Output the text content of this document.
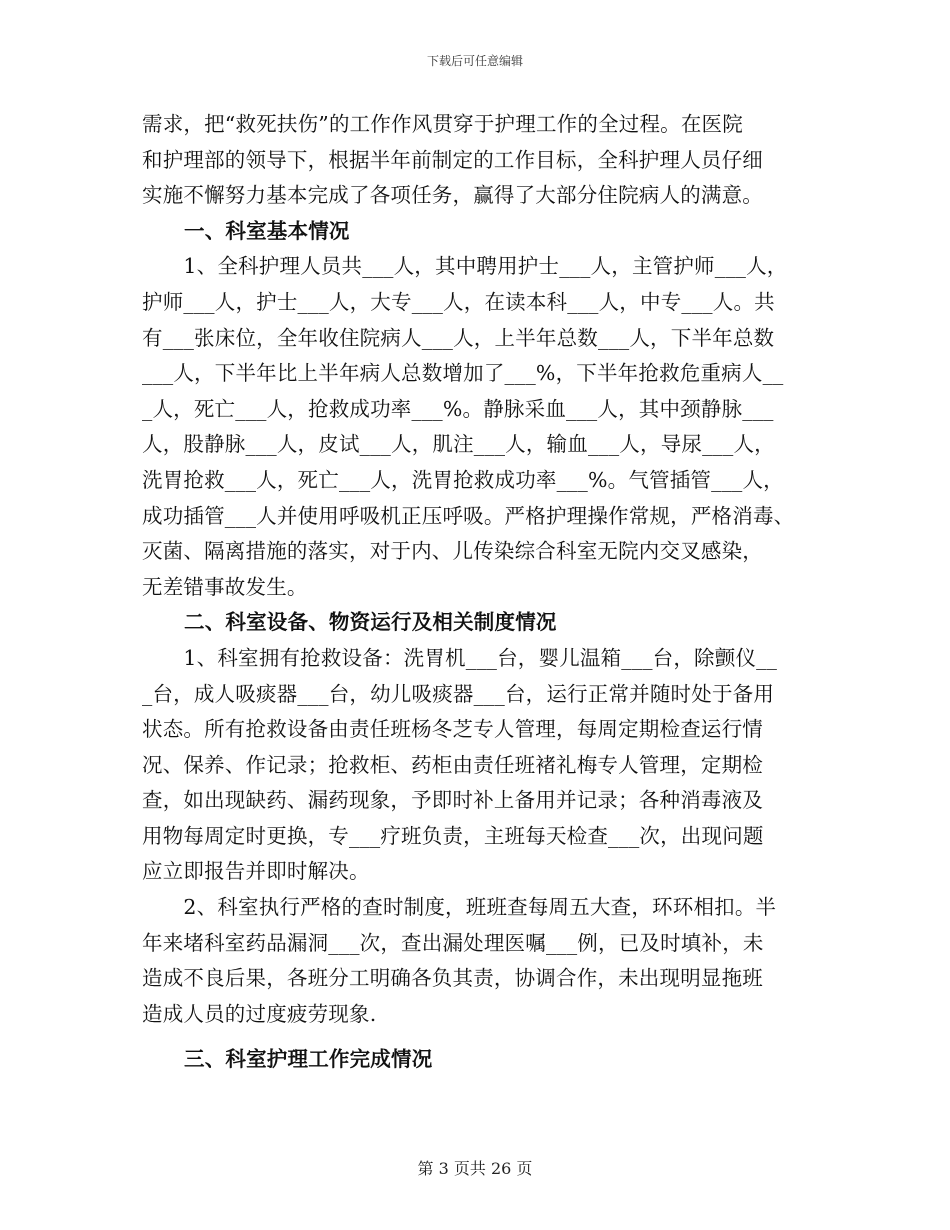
下载后可任意编辑
需求，把“救死扶伤”的工作作风贯穿于护理工作的全过程。在医院
和护理部的领导下，根据半年前制定的工作目标，全科护理人员仔细
实施不懈努力基本完成了各项任务，赢得了大部分住院病人的满意。
一、科室基本情况
　　1、全科护理人员共___人，其中聘用护士___人，主管护师___人，
护师___人，护士___人，大专___人，在读本科___人，中专___人。共
有___张床位，全年收住院病人___人，上半年总数___人，下半年总数
___人，下半年比上半年病人总数增加了___%，下半年抢救危重病人__
_人，死亡___人，抢救成功率___%。静脉采血___人，其中颈静脉___
人，股静脉___人，皮试___人，肌注___人，输血___人，导尿___人，
洗胃抢救___人，死亡___人，洗胃抢救成功率___%。气管插管___人，
成功插管___人并使用呼吸机正压呼吸。严格护理操作常规，严格消毒、
灭菌、隔离措施的落实，对于内、儿传染综合科室无院内交叉感染，
无差错事故发生。
二、科室设备、物资运行及相关制度情况
　　1、科室拥有抢救设备：洗胃机___台，婴儿温箱___台，除颤仪__
_台，成人吸痰器___台，幼儿吸痰器___台，运行正常并随时处于备用
状态。所有抢救设备由责任班杨冬芝专人管理，每周定期检查运行情
况、保养、作记录；抢救柜、药柜由责任班褚礼梅专人管理，定期检
查，如出现缺药、漏药现象，予即时补上备用并记录；各种消毒液及
用物每周定时更换，专___疗班负责，主班每天检查___次，出现问题
应立即报告并即时解决。
　　2、科室执行严格的查时制度，班班查每周五大查，环环相扣。半
年来堵科室药品漏洞___次，查出漏处理医嘱___例，已及时填补，未
造成不良后果，各班分工明确各负其责，协调合作，未出现明显拖班
造成人员的过度疲劳现象.
三、科室护理工作完成情况
第 3 页共 26 页
